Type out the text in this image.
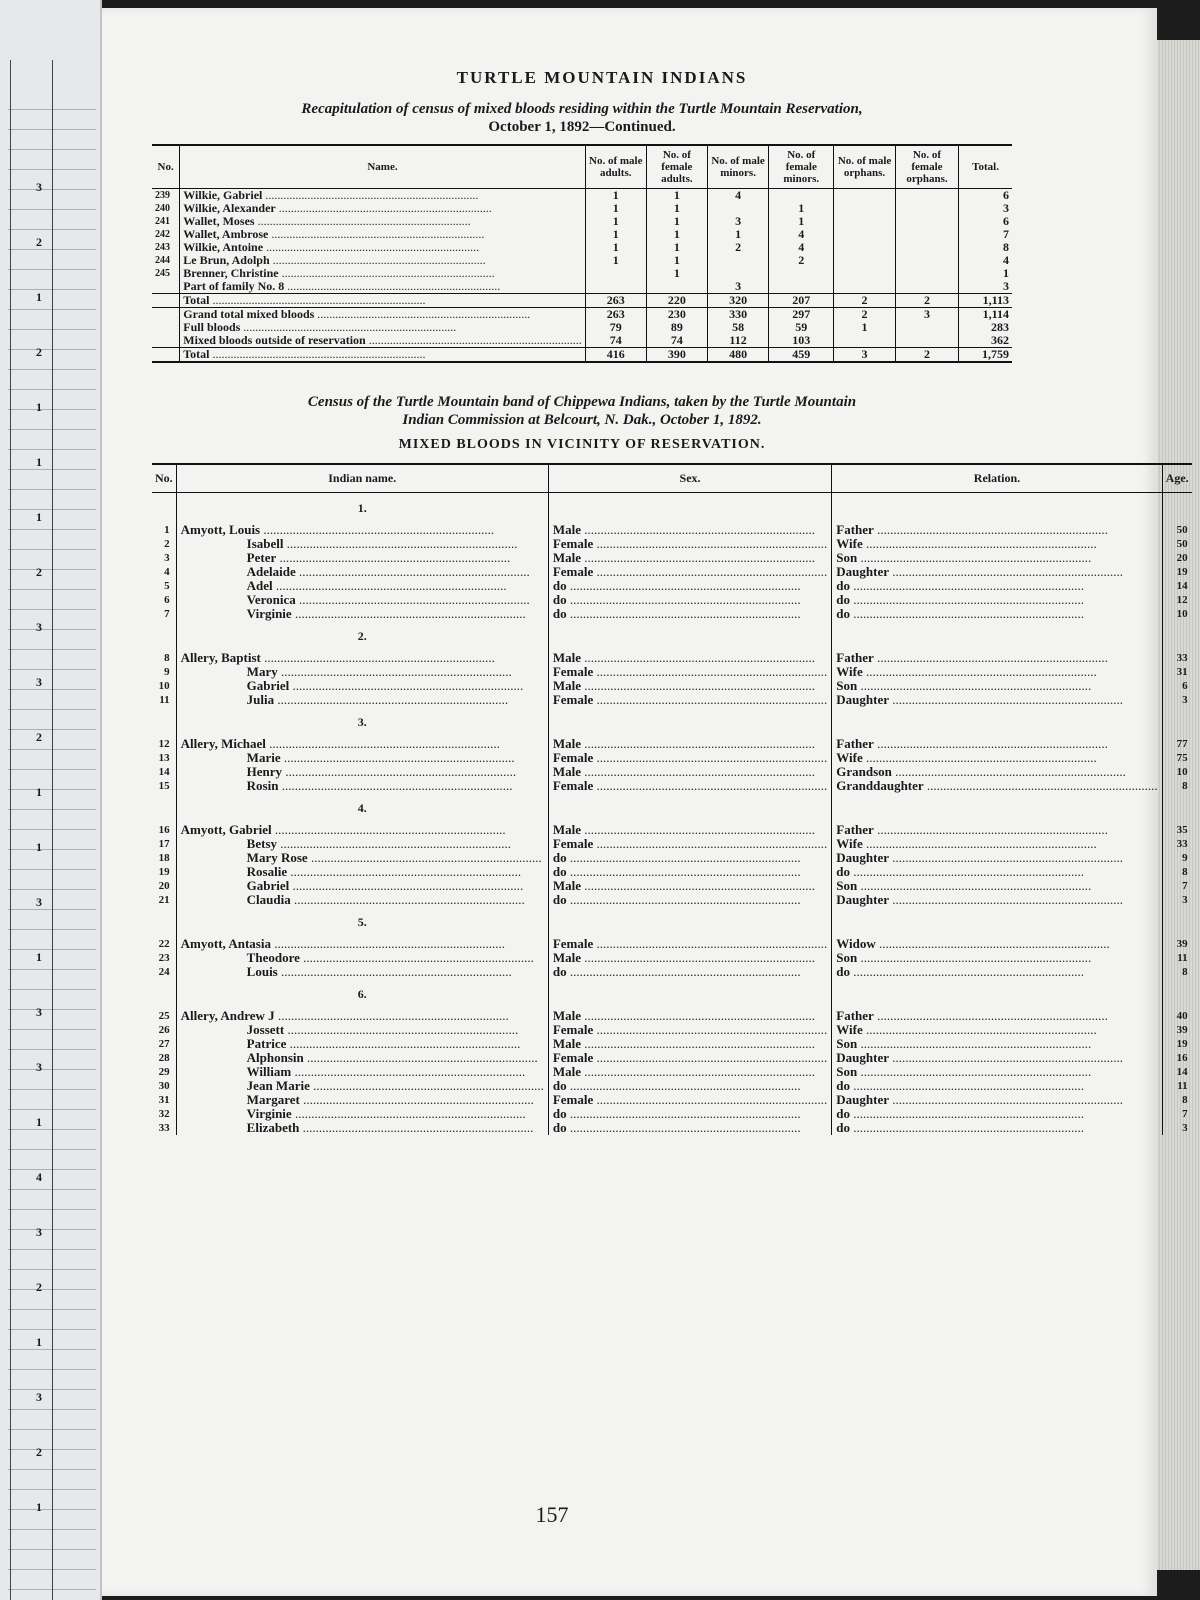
3
2
1
2
1
1
1
2
3
3
2
1
1
3
1
3
3
1
4
3
2
1
3
2
1
TURTLE MOUNTAIN INDIANS
Recapitulation of census of mixed bloods residing within the Turtle Mountain Reservation,
October 1, 1892—Continued.
No.	Name.	No. of male adults.	No. of female adults.	No. of male minors.	No. of female minors.	No. of male orphans.	No. of female orphans.	Total.
239	Wilkie, Gabriel .....	1	1	4				6
240	Wilkie, Alexander .....	1	1		1			3
241	Wallet, Moses .....	1	1	3	1			6
242	Wallet, Ambrose .....	1	1	1	4			7
243	Wilkie, Antoine .....	1	1	2	4			8
244	Le Brun, Adolph .....	1	1		2			4
245	Brenner, Christine .....		1					1
	Part of family No. 8 .....			3				3
	Total .....	263	220	320	207	2	2	1,113
	Grand total mixed bloods .....	263	230	330	297	2	3	1,114
	Full bloods .....	79	89	58	59	1		283
	Mixed bloods outside of reservation .....	74	74	112	103			362
	Total .....	416	390	480	459	3	2	1,759
Census of the Turtle Mountain band of Chippewa Indians, taken by the Turtle Mountain
Indian Commission at Belcourt, N. Dak., October 1, 1892.
MIXED BLOODS IN VICINITY OF RESERVATION.
No.	Indian name.	Sex.	Relation.	Age.
	1.			
1	Amyott, Louis .....	Male .....	Father .....	50
2	Isabell .....	Female .....	Wife .....	50
3	Peter .....	Male .....	Son .....	20
4	Adelaide .....	Female .....	Daughter .....	19
5	Adel .....	do .....	do .....	14
6	Veronica .....	do .....	do .....	12
7	Virginie .....	do .....	do .....	10
	2.			
8	Allery, Baptist .....	Male .....	Father .....	33
9	Mary .....	Female .....	Wife .....	31
10	Gabriel .....	Male .....	Son .....	6
11	Julia .....	Female .....	Daughter .....	3
	3.			
12	Allery, Michael .....	Male .....	Father .....	77
13	Marie .....	Female .....	Wife .....	75
14	Henry .....	Male .....	Grandson .....	10
15	Rosin .....	Female .....	Granddaughter .....	8
	4.			
16	Amyott, Gabriel .....	Male .....	Father .....	35
17	Betsy .....	Female .....	Wife .....	33
18	Mary Rose .....	do .....	Daughter .....	9
19	Rosalie .....	do .....	do .....	8
20	Gabriel .....	Male .....	Son .....	7
21	Claudia .....	do .....	Daughter .....	3
	5.			
22	Amyott, Antasia .....	Female .....	Widow .....	39
23	Theodore .....	Male .....	Son .....	11
24	Louis .....	do .....	do .....	8
	6.			
25	Allery, Andrew J .....	Male .....	Father .....	40
26	Jossett .....	Female .....	Wife .....	39
27	Patrice .....	Male .....	Son .....	19
28	Alphonsin .....	Female .....	Daughter .....	16
29	William .....	Male .....	Son .....	14
30	Jean Marie .....	do .....	do .....	11
31	Margaret .....	Female .....	Daughter .....	8
32	Virginie .....	do .....	do .....	7
33	Elizabeth .....	do .....	do .....	3
157
